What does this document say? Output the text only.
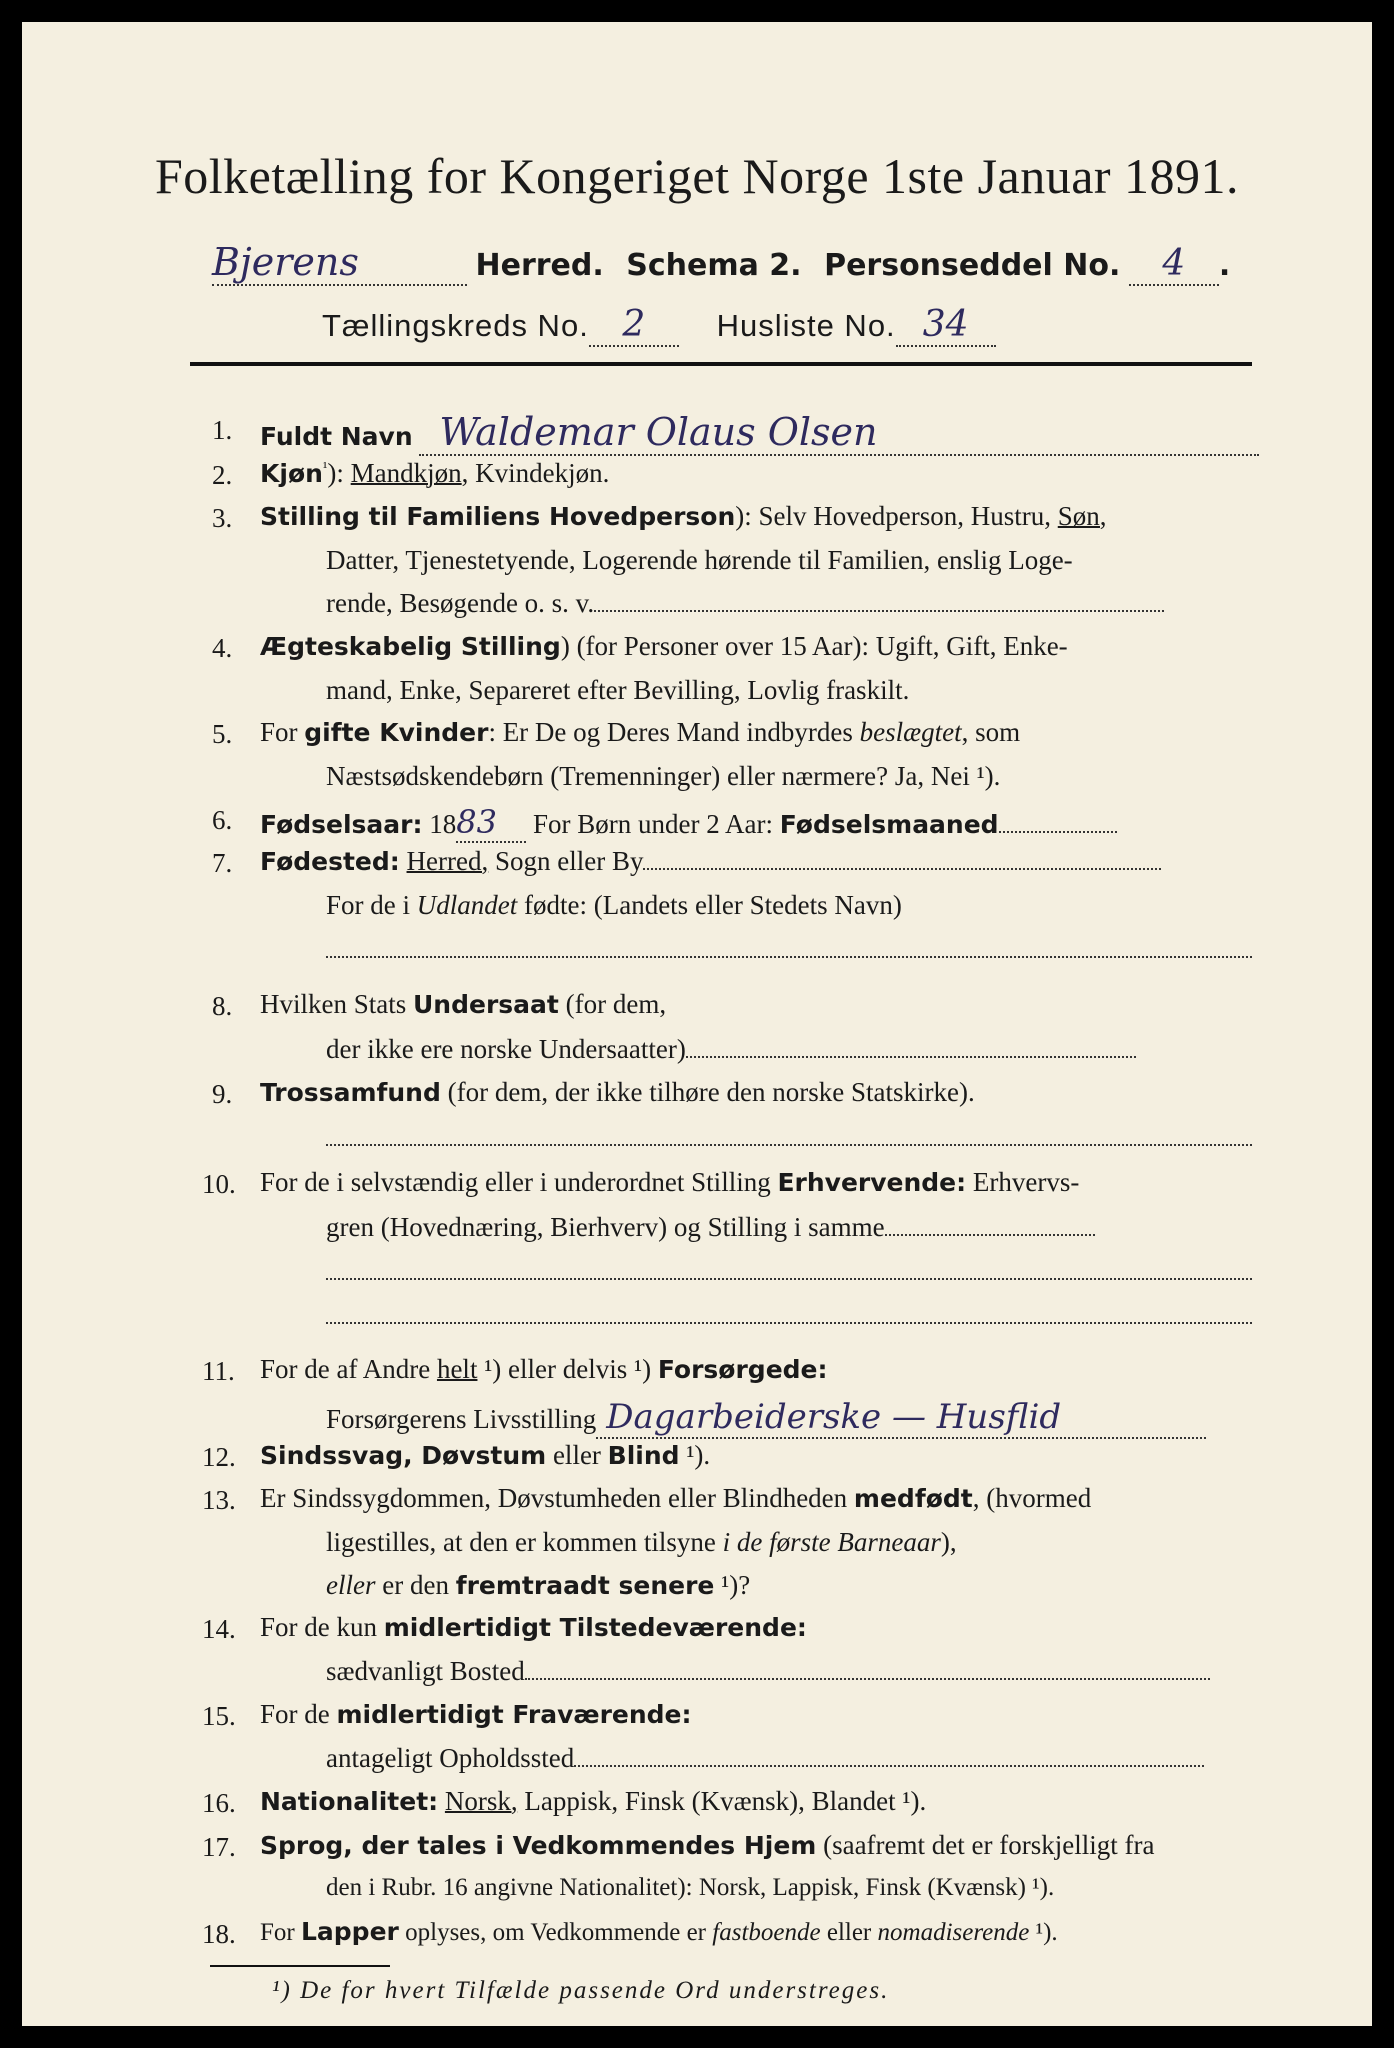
Folketælling for Kongeriget Norge 1ste Januar 1891.
Bjerens	Herred. Schema 2. Personseddel No. 4 .
Tællingskreds No. 2 Husliste No. 34
1. Fuldt Navn Waldemar Olaus Olsen
2. Kjøn$^{^1}$): Mandkjøn, Kvindekjøn.
3. Stilling til Familiens Hovedperson): Selv Hovedperson, Hustru, Søn,
Datter, Tjenestetyende, Logerende hørende til Familien, enslig Loge-
rende, Besøgende o. s. v.
4. Ægteskabelig Stilling) (for Personer over 15 Aar): Ugift, Gift, Enke-
mand, Enke, Separeret efter Bevilling, Lovlig fraskilt.
5. For gifte Kvinder: Er De og Deres Mand indbyrdes beslægtet, som
Næstsødskendebørn (Tremenninger) eller nærmere? Ja, Nei ¹).
6. Fødselsaar: 1883 For Børn under 2 Aar: Fødselsmaaned
7. Fødested: Herred, Sogn eller By
For de i Udlandet fødte: (Landets eller Stedets Navn)
8. Hvilken Stats Undersaat (for dem,
der ikke ere norske Undersaatter)
9. Trossamfund (for dem, der ikke tilhøre den norske Statskirke).
10. For de i selvstændig eller i underordnet Stilling Erhvervende: Erhvervs-
gren (Hovednæring, Bierhverv) og Stilling i samme
11. For de af Andre helt ¹) eller delvis ¹) Forsørgede:
Forsørgerens Livsstilling Dagarbeiderske — Husflid
12. Sindssvag, Døvstum eller Blind ¹).
13. Er Sindssygdommen, Døvstumheden eller Blindheden medfødt, (hvormed
ligestilles, at den er kommen tilsyne i de første Barneaar),
eller er den fremtraadt senere ¹)?
14. For de kun midlertidigt Tilstedeværende:
sædvanligt Bosted
15. For de midlertidigt Fraværende:
antageligt Opholdssted
16. Nationalitet: Norsk, Lappisk, Finsk (Kvænsk), Blandet ¹).
17. Sprog, der tales i Vedkommendes Hjem (saafremt det er forskjelligt fra
den i Rubr. 16 angivne Nationalitet): Norsk, Lappisk, Finsk (Kvænsk) ¹).
18. For Lapper oplyses, om Vedkommende er fastboende eller nomadiserende ¹).
¹) De for hvert Tilfælde passende Ord understreges.
